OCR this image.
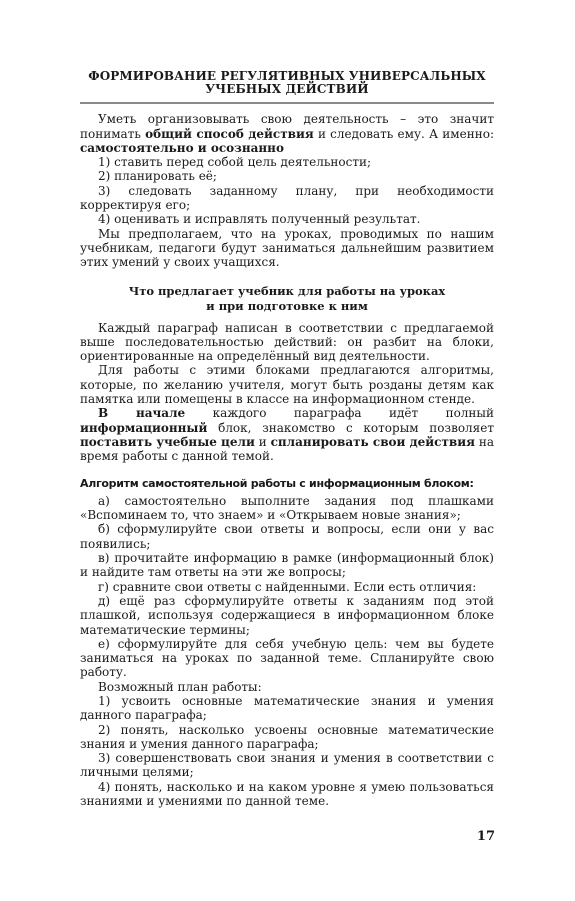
ФОРМИРОВАНИЕ РЕГУЛЯТИВНЫХ УНИВЕРСАЛЬНЫХ

УЧЕБНЫХ ДЕЙСТВИЙ

Уметь организовывать свою деятельность – это значит понимать общий способ действия и следовать ему. А именно: самостоятельно и осознанно

1) ставить перед собой цель деятельности;

2) планировать её;

3) следовать заданному плану, при необходимости корректируя его;

4) оценивать и исправлять полученный результат.

Мы предполагаем, что на уроках, проводимых по нашим учебникам, педагоги будут заниматься дальнейшим развитием этих умений у своих учащихся.

Что предлагает учебник для работы на уроках

и при подготовке к ним

Каждый параграф написан в соответствии с предлагаемой выше последовательностью действий: он разбит на блоки, ориентированные на определённый вид деятельности.

Для работы с этими блоками предлагаются алгоритмы, которые, по желанию учителя, могут быть розданы детям как памятка или помещены в классе на информационном стенде.

В начале каждого параграфа идёт полный информационный блок, знакомство с которым позволяет поставить учебные цели и спланировать свои действия на время работы с данной темой.

Алгоритм самостоятельной работы с информационным блоком:

а) самостоятельно выполните задания под плашками «Вспоминаем то, что знаем» и «Открываем новые знания»;

б) сформулируйте свои ответы и вопросы, если они у вас появились;

в) прочитайте информацию в рамке (информационный блок) и найдите там ответы на эти же вопросы;

г) сравните свои ответы с найденными. Если есть отличия:

д) ещё раз сформулируйте ответы к заданиям под этой плашкой, используя содержащиеся в информационном блоке математические термины;

е) сформулируйте для себя учебную цель: чем вы будете заниматься на уроках по заданной теме. Спланируйте свою работу.

Возможный план работы:

1) усвоить основные математические знания и умения данного параграфа;

2) понять, насколько усвоены основные математические знания и умения данного параграфа;

3) совершенствовать свои знания и умения в соответствии с личными целями;

4) понять, насколько и на каком уровне я умею пользоваться знаниями и умениями по данной теме.

17
